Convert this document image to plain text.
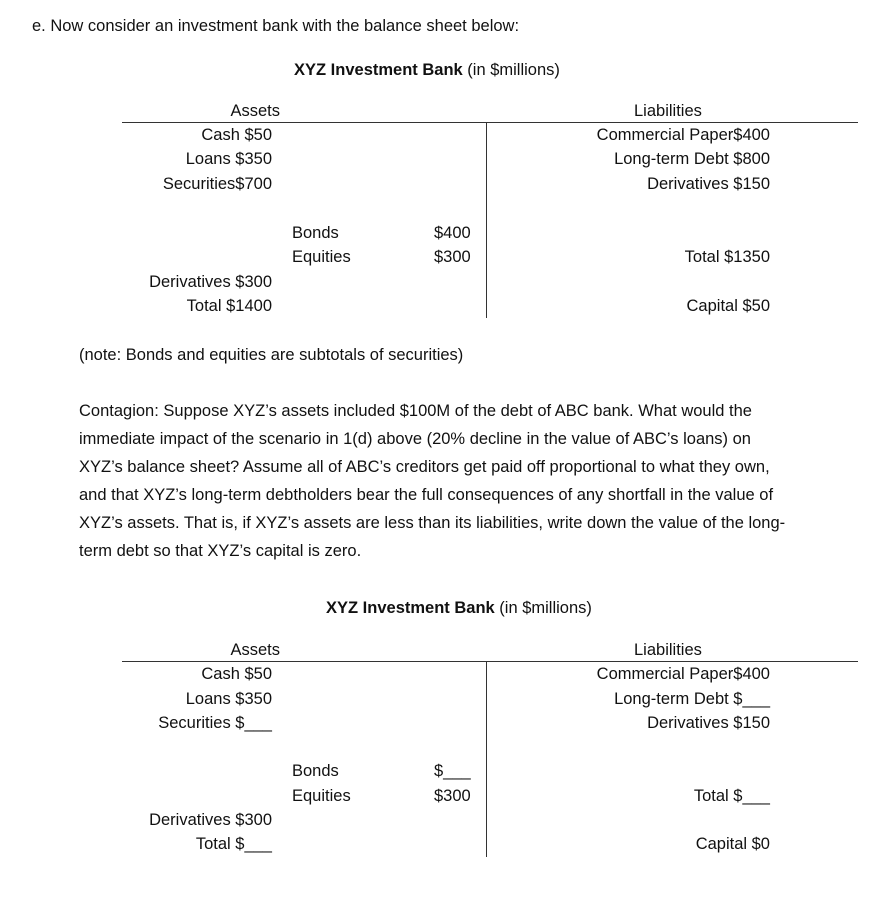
e. Now consider an investment bank with the balance sheet below:
XYZ Investment Bank (in $millions)
Assets	Liabilities
Cash $50
Loans $350
Securities$700
Bonds
Equities
$400
$300
Derivatives $300
Total $1400
Commercial Paper$400
Long-term Debt $800
Derivatives $150
Total $1350
Capital $50
(note: Bonds and equities are subtotals of securities)

Contagion: Suppose XYZ’s assets included $100M of the debt of ABC bank. What would the

immediate impact of the scenario in 1(d) above (20% decline in the value of ABC’s loans) on

XYZ’s balance sheet? Assume all of ABC’s creditors get paid off proportional to what they own,

and that XYZ’s long-term debtholders bear the full consequences of any shortfall in the value of

XYZ’s assets. That is, if XYZ’s assets are less than its liabilities, write down the value of the long-

term debt so that XYZ’s capital is zero.

XYZ Investment Bank (in $millions)
Assets	Liabilities
Cash $50
Loans $350
Securities $___
Bonds
Equities
$___
$300
Derivatives $300
Total $___
Commercial Paper$400
Long-term Debt $___
Derivatives $150
Total $___
Capital $0
